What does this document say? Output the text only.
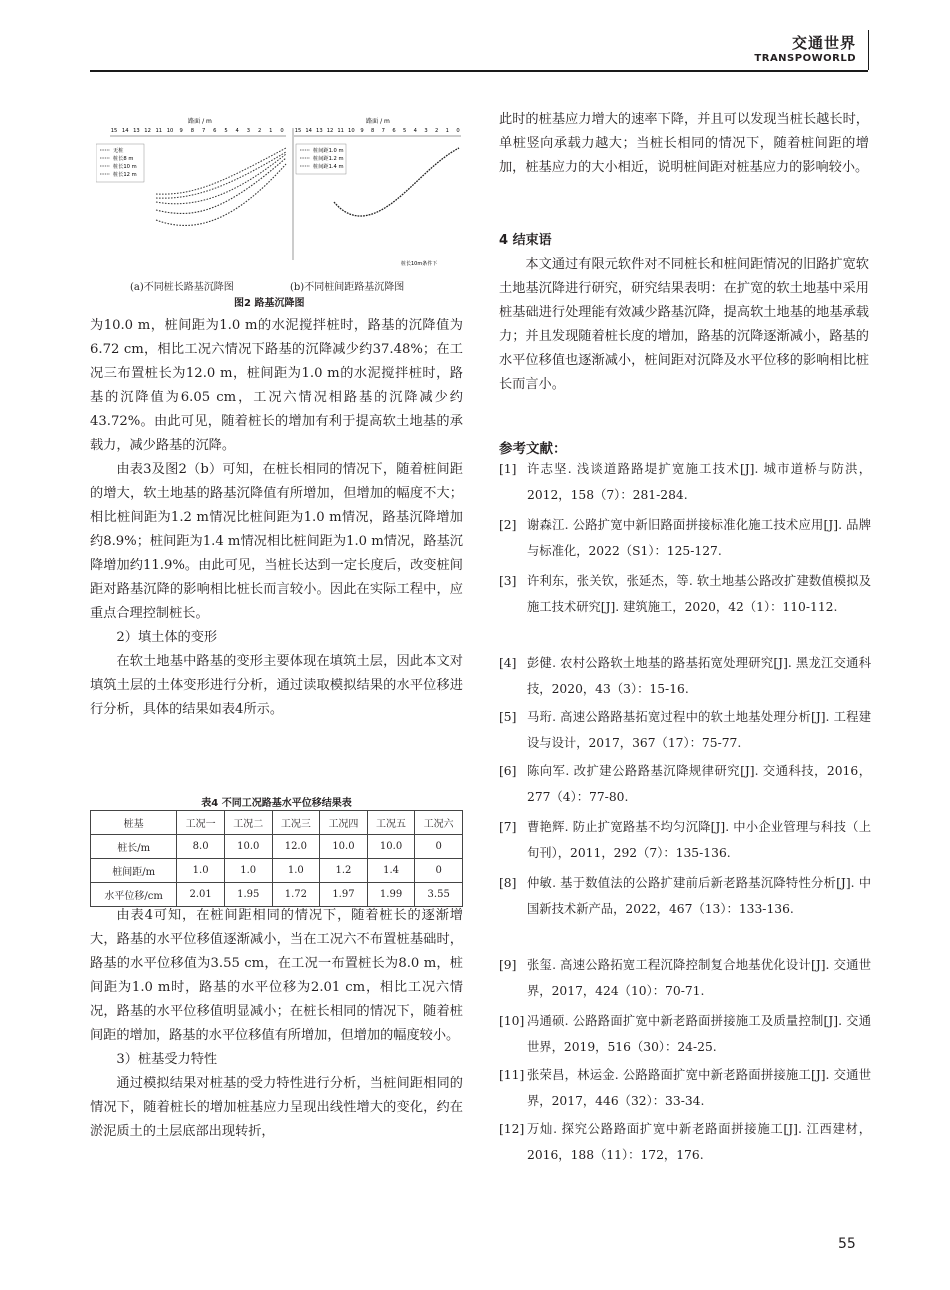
交通世界
TRANSPOWORLD
路面 / m
15 14 13 12 11 10 9 8 7 6 5 4 3 2 1 0
无桩
桩长8 m
桩长10 m
桩长12 m
路面 / m
15 14 13 12 11 10 9 8 7 6 5 4 3 2 1 0
桩间距1.0 m
桩间距1.2 m
桩间距1.4 m
桩长10m条件下
(a)不同桩长路基沉降图	(b)不同桩间距路基沉降图
图2 路基沉降图

为10.0 m，桩间距为1.0 m的水泥搅拌桩时，路基的沉降值为6.72 cm，相比工况六情况下路基的沉降减少约37.48%；在工况三布置桩长为12.0 m，桩间距为1.0 m的水泥搅拌桩时，路基的沉降值为6.05 cm，工况六情况相路基的沉降减少约43.72%。由此可见，随着桩长的增加有利于提高软土地基的承载力，减少路基的沉降。

由表3及图2（b）可知，在桩长相同的情况下，随着桩间距的增大，软土地基的路基沉降值有所增加，但增加的幅度不大；相比桩间距为1.2 m情况比桩间距为1.0 m情况，路基沉降增加约8.9%；桩间距为1.4 m情况相比桩间距为1.0 m情况，路基沉降增加约11.9%。由此可见，当桩长达到一定长度后，改变桩间距对路基沉降的影响相比桩长而言较小。因此在实际工程中，应重点合理控制桩长。

2）填土体的变形

在软土地基中路基的变形主要体现在填筑土层，因此本文对填筑土层的土体变形进行分析，通过读取模拟结果的水平位移进行分析，具体的结果如表4所示。

表4 不同工况路基水平位移结果表
桩基	工况一	工况二	工况三	工况四	工况五	工况六
桩长/m	8.0	10.0	12.0	10.0	10.0	0
桩间距/m	1.0	1.0	1.0	1.2	1.4	0
水平位移/cm	2.01	1.95	1.72	1.97	1.99	3.55

由表4可知，在桩间距相同的情况下，随着桩长的逐渐增大，路基的水平位移值逐渐减小，当在工况六不布置桩基础时，路基的水平位移值为3.55 cm，在工况一布置桩长为8.0 m，桩间距为1.0 m时，路基的水平位移为2.01 cm，相比工况六情况，路基的水平位移值明显减小；在桩长相同的情况下，随着桩间距的增加，路基的水平位移值有所增加，但增加的幅度较小。

3）桩基受力特性

通过模拟结果对桩基的受力特性进行分析，当桩间距相同的情况下，随着桩长的增加桩基应力呈现出线性增大的变化，约在淤泥质土的土层底部出现转折，

此时的桩基应力增大的速率下降，并且可以发现当桩长越长时，单桩竖向承载力越大；当桩长相同的情况下，随着桩间距的增加，桩基应力的大小相近，说明桩间距对桩基应力的影响较小。

4 结束语

本文通过有限元软件对不同桩长和桩间距情况的旧路扩宽软土地基沉降进行研究，研究结果表明：在扩宽的软土地基中采用桩基础进行处理能有效减少路基沉降，提高软土地基的地基承载力；并且发现随着桩长度的增加，路基的沉降逐渐减小，路基的水平位移值也逐渐减小，桩间距对沉降及水平位移的影响相比桩长而言小。

参考文献：
[1] 许志坚. 浅谈道路路堤扩宽施工技术[J]. 城市道桥与防洪，2012，158（7）：281-284.
[2] 谢森江. 公路扩宽中新旧路面拼接标准化施工技术应用[J]. 品牌与标准化，2022（S1）：125-127.
[3] 许利东，张关钦，张延杰，等. 软土地基公路改扩建数值模拟及施工技术研究[J]. 建筑施工，2020，42（1）：110-112.
[4] 彭健. 农村公路软土地基的路基拓宽处理研究[J]. 黑龙江交通科技，2020，43（3）：15-16.
[5] 马珩. 高速公路路基拓宽过程中的软土地基处理分析[J]. 工程建设与设计，2017，367（17）：75-77.
[6] 陈向军. 改扩建公路路基沉降规律研究[J]. 交通科技，2016，277（4）：77-80.
[7] 曹艳辉. 防止扩宽路基不均匀沉降[J]. 中小企业管理与科技（上旬刊），2011，292（7）：135-136.
[8] 仲敏. 基于数值法的公路扩建前后新老路基沉降特性分析[J]. 中国新技术新产品，2022，467（13）：133-136.
[9] 张玺. 高速公路拓宽工程沉降控制复合地基优化设计[J]. 交通世界，2017，424（10）：70-71.
[10] 冯通硕. 公路路面扩宽中新老路面拼接施工及质量控制[J]. 交通世界，2019，516（30）：24-25.
[11] 张荣昌，林运金. 公路路面扩宽中新老路面拼接施工[J]. 交通世界，2017，446（32）：33-34.
[12] 万灿. 探究公路路面扩宽中新老路面拼接施工[J]. 江西建材，2016，188（11）：172，176.
55
